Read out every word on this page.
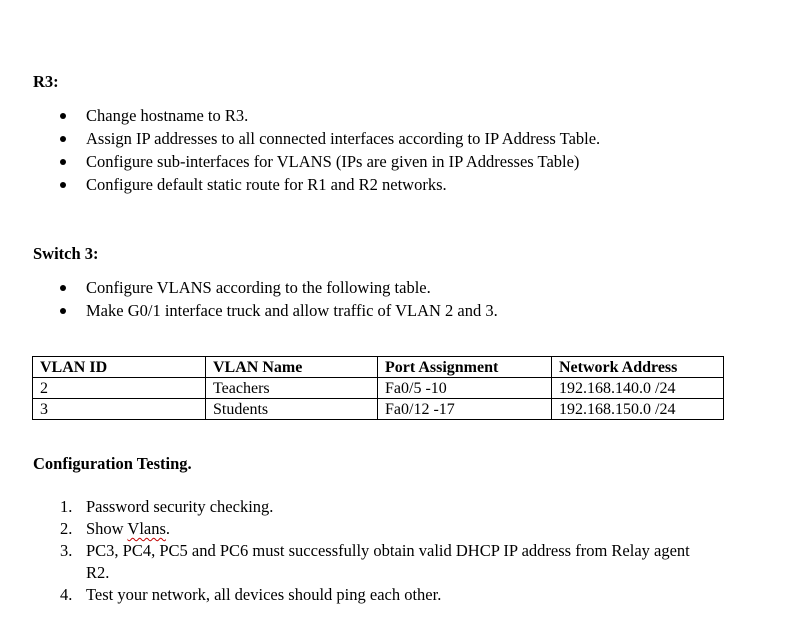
R3:
Change hostname to R3.
Assign IP addresses to all connected interfaces according to IP Address Table.
Configure sub-interfaces for VLANS (IPs are given in IP Addresses Table)
Configure default static route for R1 and R2 networks.
Switch 3:
Configure VLANS according to the following table.
Make G0/1 interface truck and allow traffic of VLAN 2 and 3.
VLAN ID	VLAN Name	Port Assignment	Network Address
2	Teachers	Fa0/5 -10	192.168.140.0 /24
3	Students	Fa0/12 -17	192.168.150.0 /24
Configuration Testing.
1. Password security checking.
2. Show Vlans.
3. PC3, PC4, PC5 and PC6 must successfully obtain valid DHCP IP address from Relay agent R2.
4. Test your network, all devices should ping each other.
